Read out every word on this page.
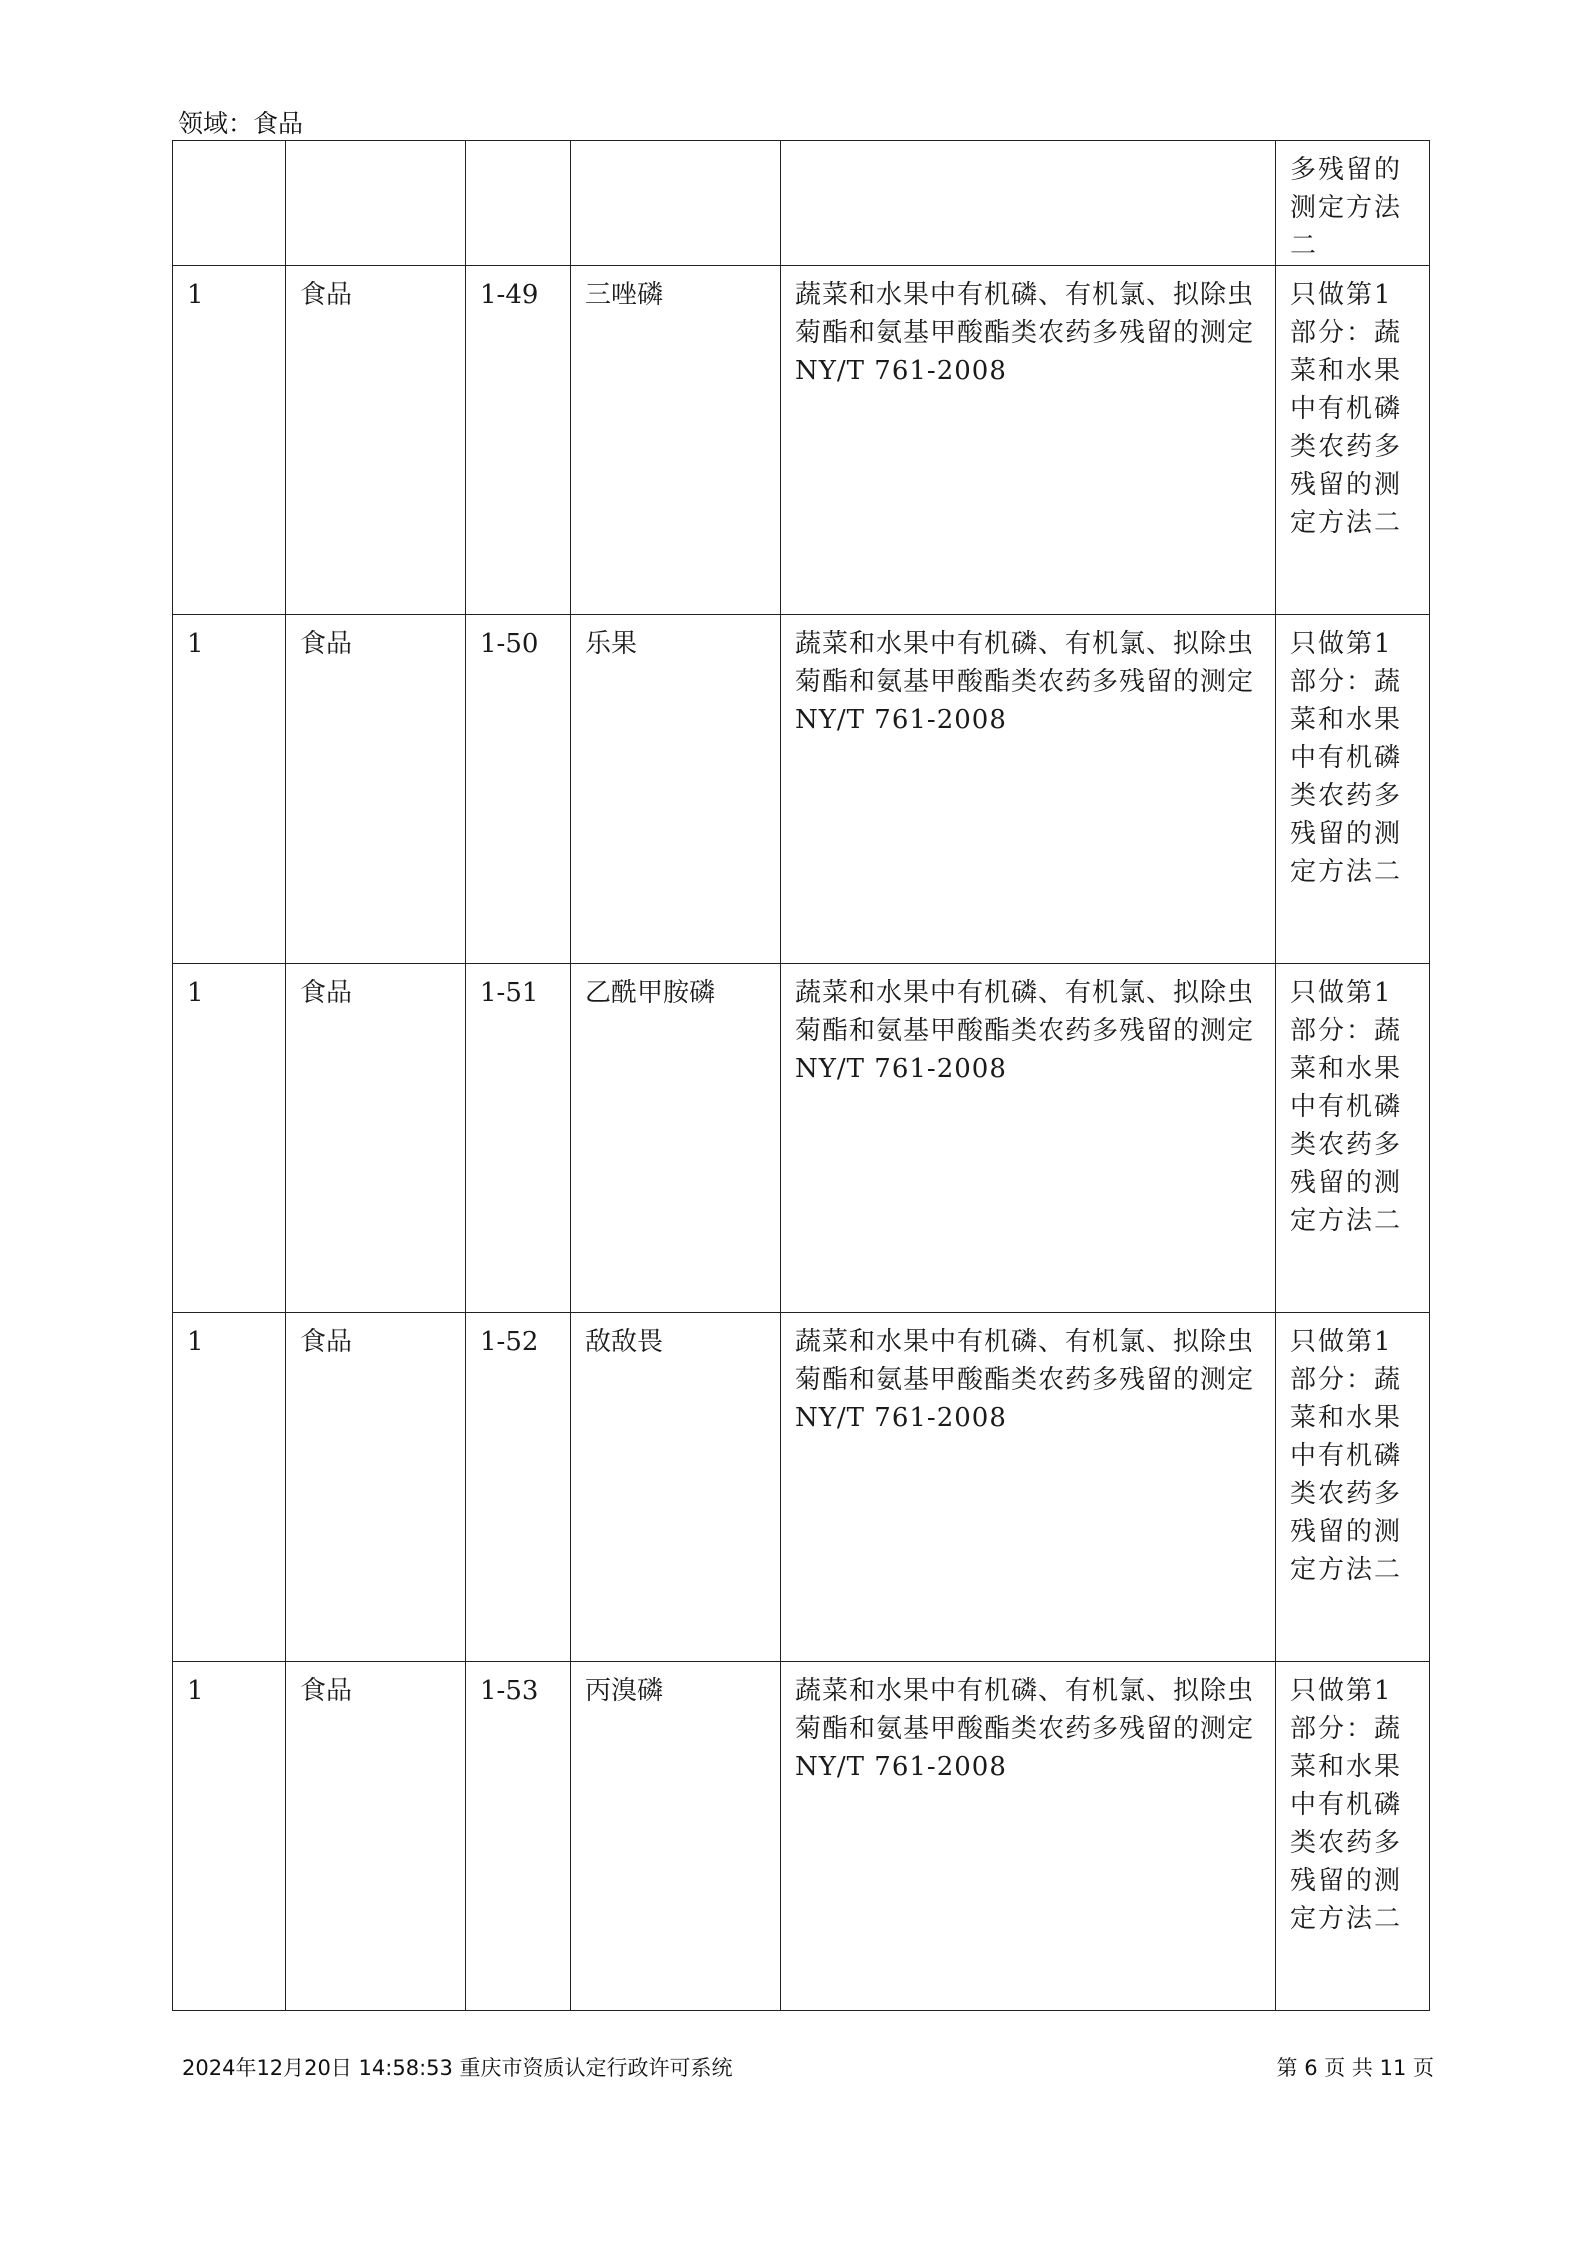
领域：食品
					多残留的测定方法二
1	食品	1-49	三唑磷	蔬菜和水果中有机磷、有机氯、拟除虫菊酯和氨基甲酸酯类农药多残留的测定 NY/T 761-2008	只做第1部分：蔬菜和水果中有机磷类农药多残留的测定方法二
1	食品	1-50	乐果	蔬菜和水果中有机磷、有机氯、拟除虫菊酯和氨基甲酸酯类农药多残留的测定 NY/T 761-2008	只做第1部分：蔬菜和水果中有机磷类农药多残留的测定方法二
1	食品	1-51	乙酰甲胺磷	蔬菜和水果中有机磷、有机氯、拟除虫菊酯和氨基甲酸酯类农药多残留的测定 NY/T 761-2008	只做第1部分：蔬菜和水果中有机磷类农药多残留的测定方法二
1	食品	1-52	敌敌畏	蔬菜和水果中有机磷、有机氯、拟除虫菊酯和氨基甲酸酯类农药多残留的测定 NY/T 761-2008	只做第1部分：蔬菜和水果中有机磷类农药多残留的测定方法二
1	食品	1-53	丙溴磷	蔬菜和水果中有机磷、有机氯、拟除虫菊酯和氨基甲酸酯类农药多残留的测定 NY/T 761-2008	只做第1部分：蔬菜和水果中有机磷类农药多残留的测定方法二
2024年12月20日 14:58:53 重庆市资质认定行政许可系统	第 6 页 共 11 页
